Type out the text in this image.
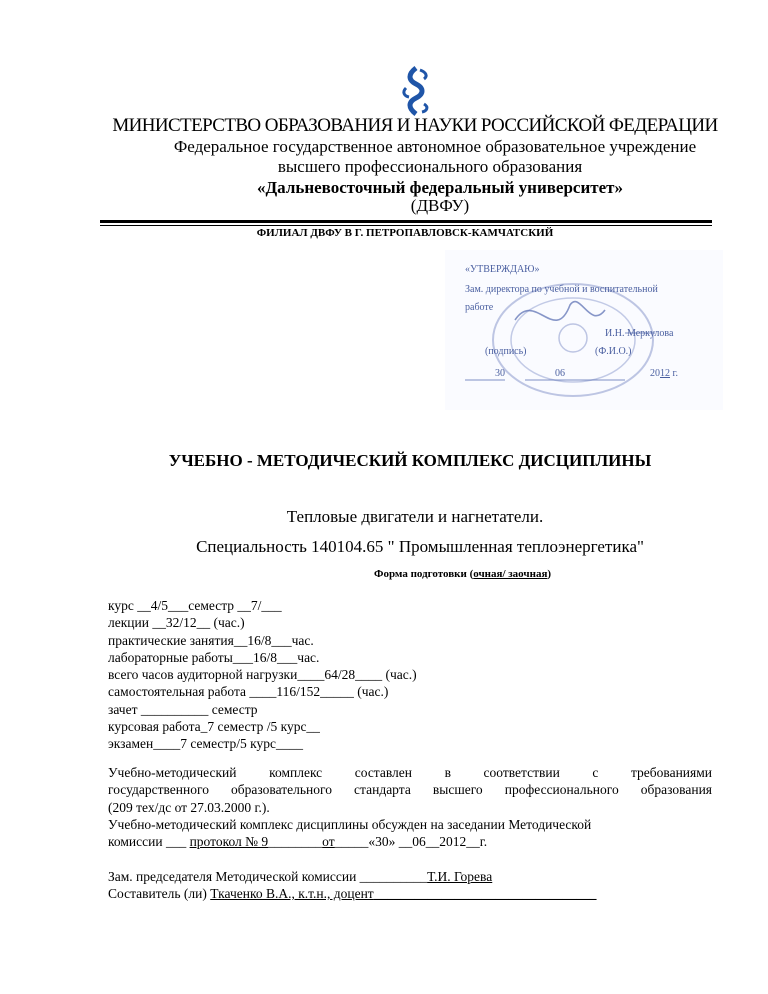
МИНИСТЕРСТВО ОБРАЗОВАНИЯ И НАУКИ РОССИЙСКОЙ ФЕДЕРАЦИИ
Федеральное государственное автономное образовательное учреждение
высшего профессионального образования
«Дальневосточный федеральный университет»
(ДВФУ)
ФИЛИАЛ ДВФУ В Г. ПЕТРОПАВЛОВСК-КАМЧАТСКИЙ
«УТВЕРЖДАЮ»
Зам. директора по учебной и воспитательной
работе
И.Н. Меркулова
(подпись)	(Ф.И.О.)
30	06	2012 г.
УЧЕБНО - МЕТОДИЧЕСКИЙ КОМПЛЕКС ДИСЦИПЛИНЫ
Тепловые двигатели и нагнетатели.
Специальность 140104.65 " Промышленная теплоэнергетика"
Форма подготовки (очная/ заочная)
курс __4/5___семестр __7/___
лекции __32/12__ (час.)
практические занятия__16/8___час.
лабораторные работы___16/8___час.
всего часов аудиторной нагрузки____64/28____ (час.)
самостоятельная работа ____116/152_____ (час.)
зачет __________ семестр
курсовая работа_7 семестр /5 курс__
экзамен____7 семестр/5 курс____
Учебно-методический комплекс составлен в соответствии с требованиями
государственного образовательного стандарта высшего профессионального образования
(209 тех/дс от 27.03.2000 г.).
Учебно-методический комплекс дисциплины обсужден на заседании Методической
комиссии ___ протокол № 9________от_____«30» __06__2012__г.
Зам. председателя Методической комиссии __________Т.И. Горева
Составитель (ли) Ткаченко В.А., к.т.н., доцент_________________________________
